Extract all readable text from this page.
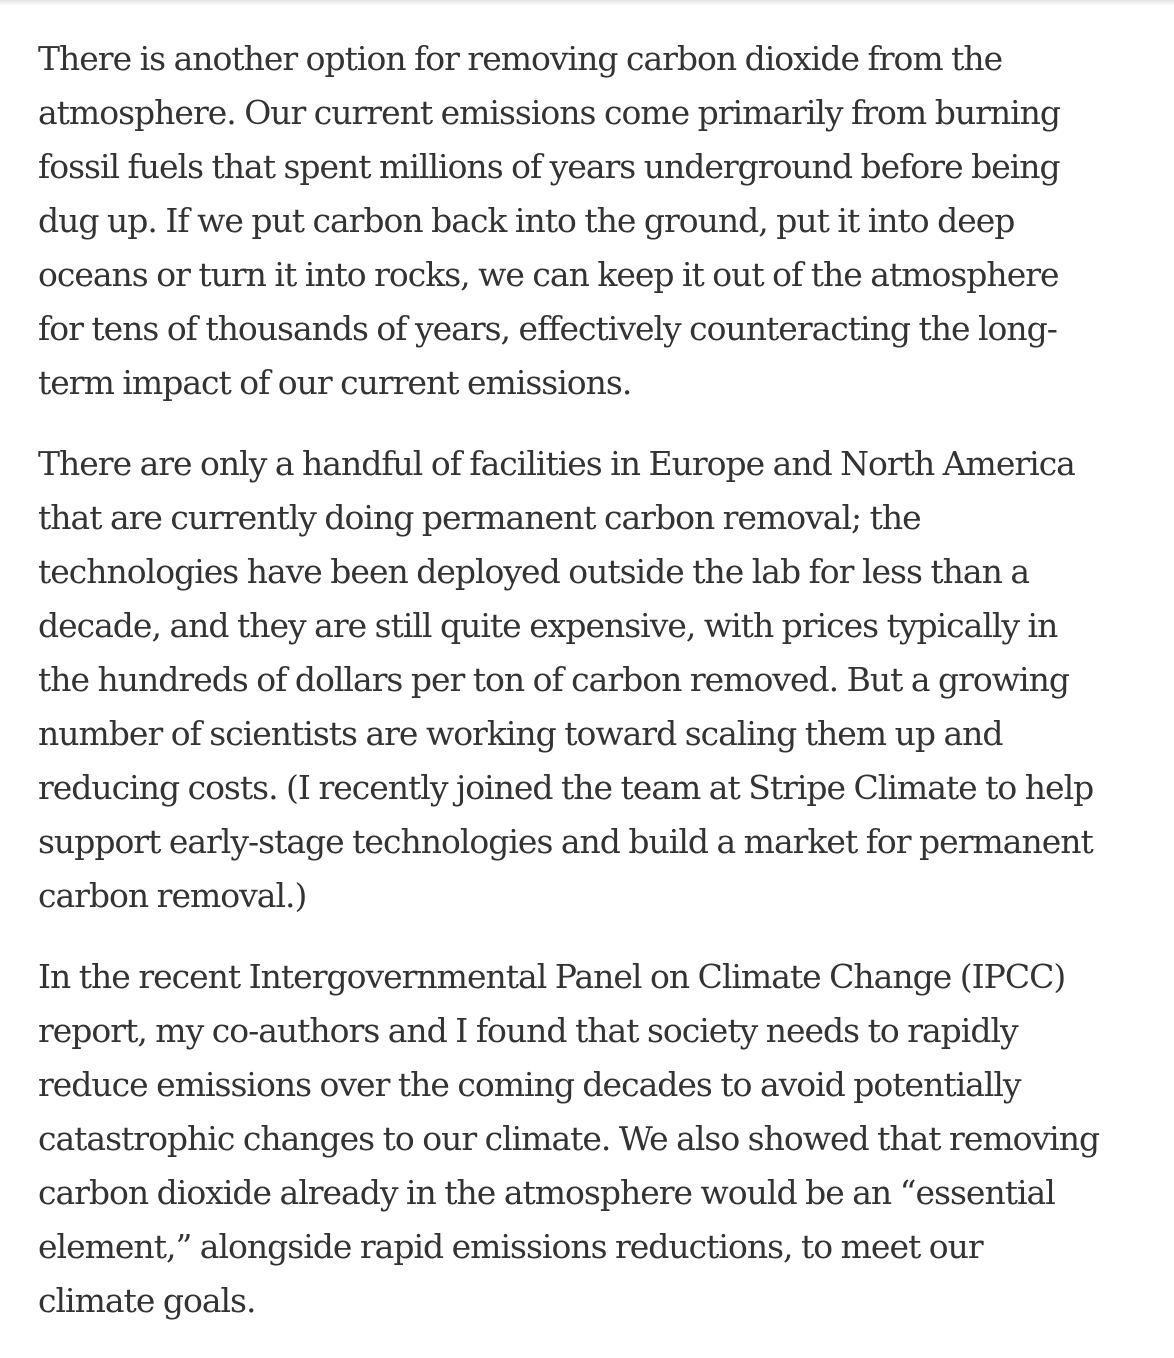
There is another option for removing carbon dioxide from the
atmosphere. Our current emissions come primarily from burning
fossil fuels that spent millions of years underground before being
dug up. If we put carbon back into the ground, put it into deep
oceans or turn it into rocks, we can keep it out of the atmosphere
for tens of thousands of years, effectively counteracting the long-
term impact of our current emissions.

There are only a handful of facilities in Europe and North America
that are currently doing permanent carbon removal; the
technologies have been deployed outside the lab for less than a
decade, and they are still quite expensive, with prices typically in
the hundreds of dollars per ton of carbon removed. But a growing
number of scientists are working toward scaling them up and
reducing costs. (I recently joined the team at Stripe Climate to help
support early-stage technologies and build a market for permanent
carbon removal.)

In the recent Intergovernmental Panel on Climate Change (IPCC)
report, my co-authors and I found that society needs to rapidly
reduce emissions over the coming decades to avoid potentially
catastrophic changes to our climate. We also showed that removing
carbon dioxide already in the atmosphere would be an “essential
element,” alongside rapid emissions reductions, to meet our
climate goals.
